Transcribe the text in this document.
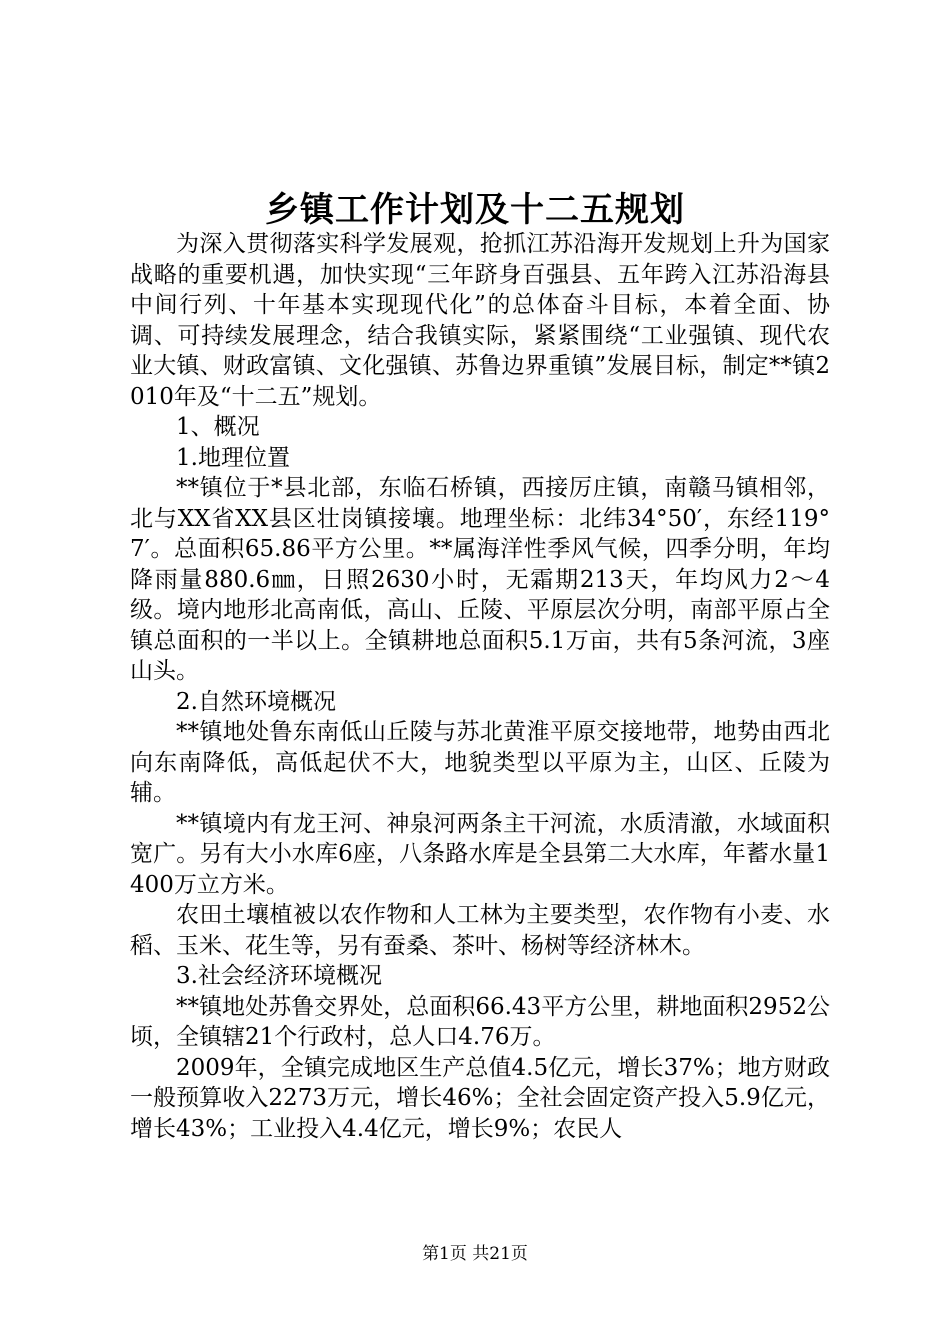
乡镇工作计划及十二五规划

为深入贯彻落实科学发展观，抢抓江苏沿海开发规划上升为国家战略的重要机遇，加快实现“三年跻身百强县、五年跨入江苏沿海县中间行列、十年基本实现现代化”的总体奋斗目标，本着全面、协调、可持续发展理念，结合我镇实际，紧紧围绕“工业强镇、现代农业大镇、财政富镇、文化强镇、苏鲁边界重镇”发展目标，制定**镇2010年及“十二五”规划。

1、概况

1.地理位置

**镇位于*县北部，东临石桥镇，西接厉庄镇，南赣马镇相邻，北与XX省XX县区壮岗镇接壤。地理坐标：北纬34°50′，东经119°7′。总面积65.86平方公里。**属海洋性季风气候，四季分明，年均降雨量880.6㎜，日照2630小时，无霜期213天，年均风力2～4级。境内地形北高南低，高山、丘陵、平原层次分明，南部平原占全镇总面积的一半以上。全镇耕地总面积5.1万亩，共有5条河流，3座山头。

2.自然环境概况

**镇地处鲁东南低山丘陵与苏北黄淮平原交接地带，地势由西北向东南降低，高低起伏不大，地貌类型以平原为主，山区、丘陵为辅。

**镇境内有龙王河、神泉河两条主干河流，水质清澈，水域面积宽广。另有大小水库6座，八条路水库是全县第二大水库，年蓄水量1400万立方米。

农田土壤植被以农作物和人工林为主要类型，农作物有小麦、水稻、玉米、花生等，另有蚕桑、茶叶、杨树等经济林木。

3.社会经济环境概况

**镇地处苏鲁交界处，总面积66.43平方公里，耕地面积2952公顷，全镇辖21个行政村，总人口4.76万。

2009年，全镇完成地区生产总值4.5亿元，增长37%；地方财政一般预算收入2273万元，增长46%；全社会固定资产投入5.9亿元，增长43%；工业投入4.4亿元，增长9%；农民人

第1页 共21页
